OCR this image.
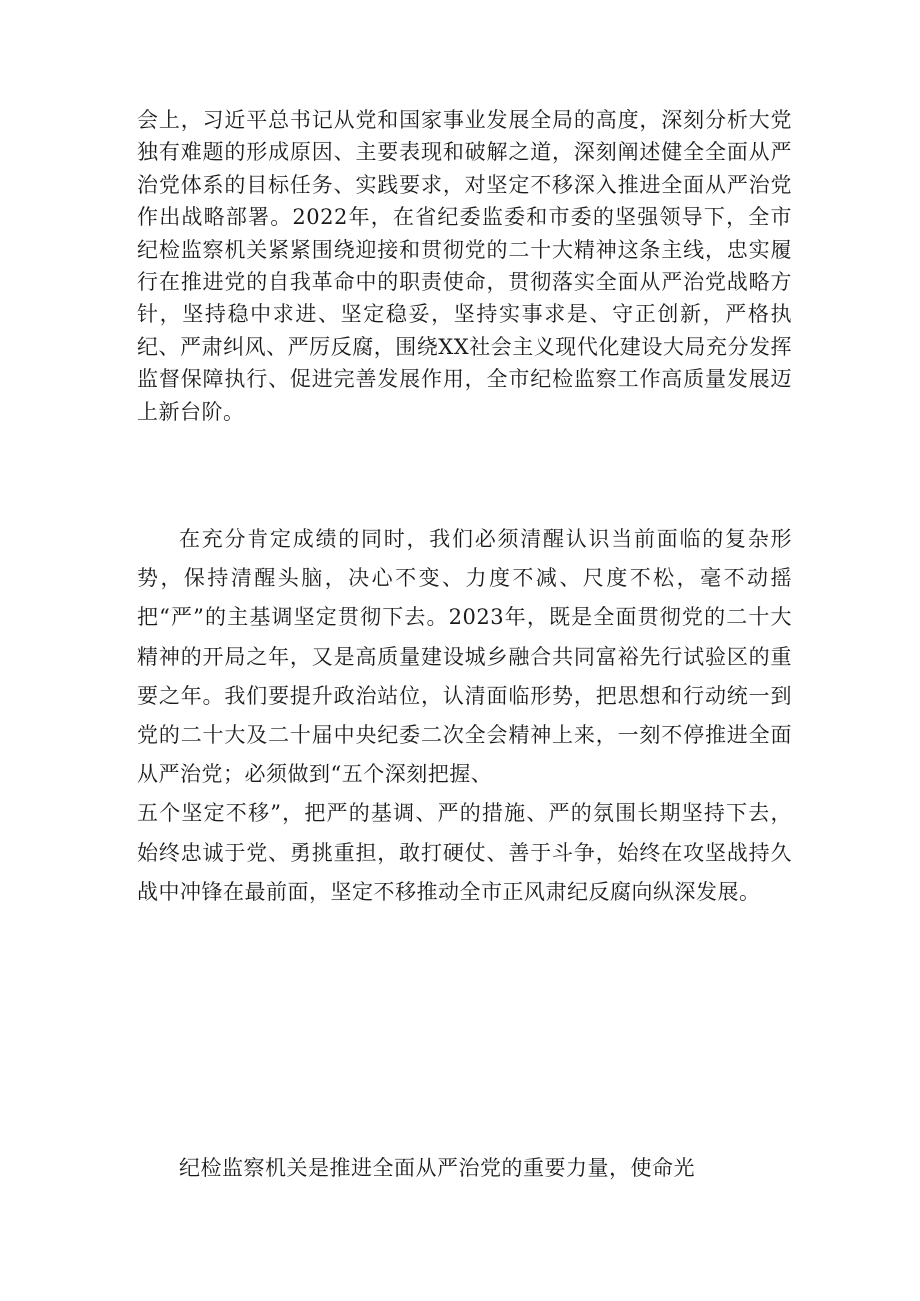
会上，习近平总书记从党和国家事业发展全局的高度，深刻分析大党独有难题的形成原因、主要表现和破解之道，深刻阐述健全全面从严治党体系的目标任务、实践要求，对坚定不移深入推进全面从严治党作出战略部署。2022年，在省纪委监委和市委的坚强领导下，全市纪检监察机关紧紧围绕迎接和贯彻党的二十大精神这条主线，忠实履行在推进党的自我革命中的职责使命，贯彻落实全面从严治党战略方针，坚持稳中求进、坚定稳妥，坚持实事求是、守正创新，严格执纪、严肃纠风、严厉反腐，围绕XX社会主义现代化建设大局充分发挥监督保障执行、促进完善发展作用，全市纪检监察工作高质量发展迈上新台阶。

在充分肯定成绩的同时，我们必须清醒认识当前面临的复杂形势，保持清醒头脑，决心不变、力度不减、尺度不松，毫不动摇把“严”的主基调坚定贯彻下去。2023年，既是全面贯彻党的二十大精神的开局之年，又是高质量建设城乡融合共同富裕先行试验区的重要之年。我们要提升政治站位，认清面临形势，把思想和行动统一到党的二十大及二十届中央纪委二次全会精神上来，一刻不停推进全面从严治党；必须做到“五个深刻把握、
五个坚定不移”，把严的基调、严的措施、严的氛围长期坚持下去，始终忠诚于党、勇挑重担，敢打硬仗、善于斗争，始终在攻坚战持久战中冲锋在最前面，坚定不移推动全市正风肃纪反腐向纵深发展。

纪检监察机关是推进全面从严治党的重要力量，使命光
